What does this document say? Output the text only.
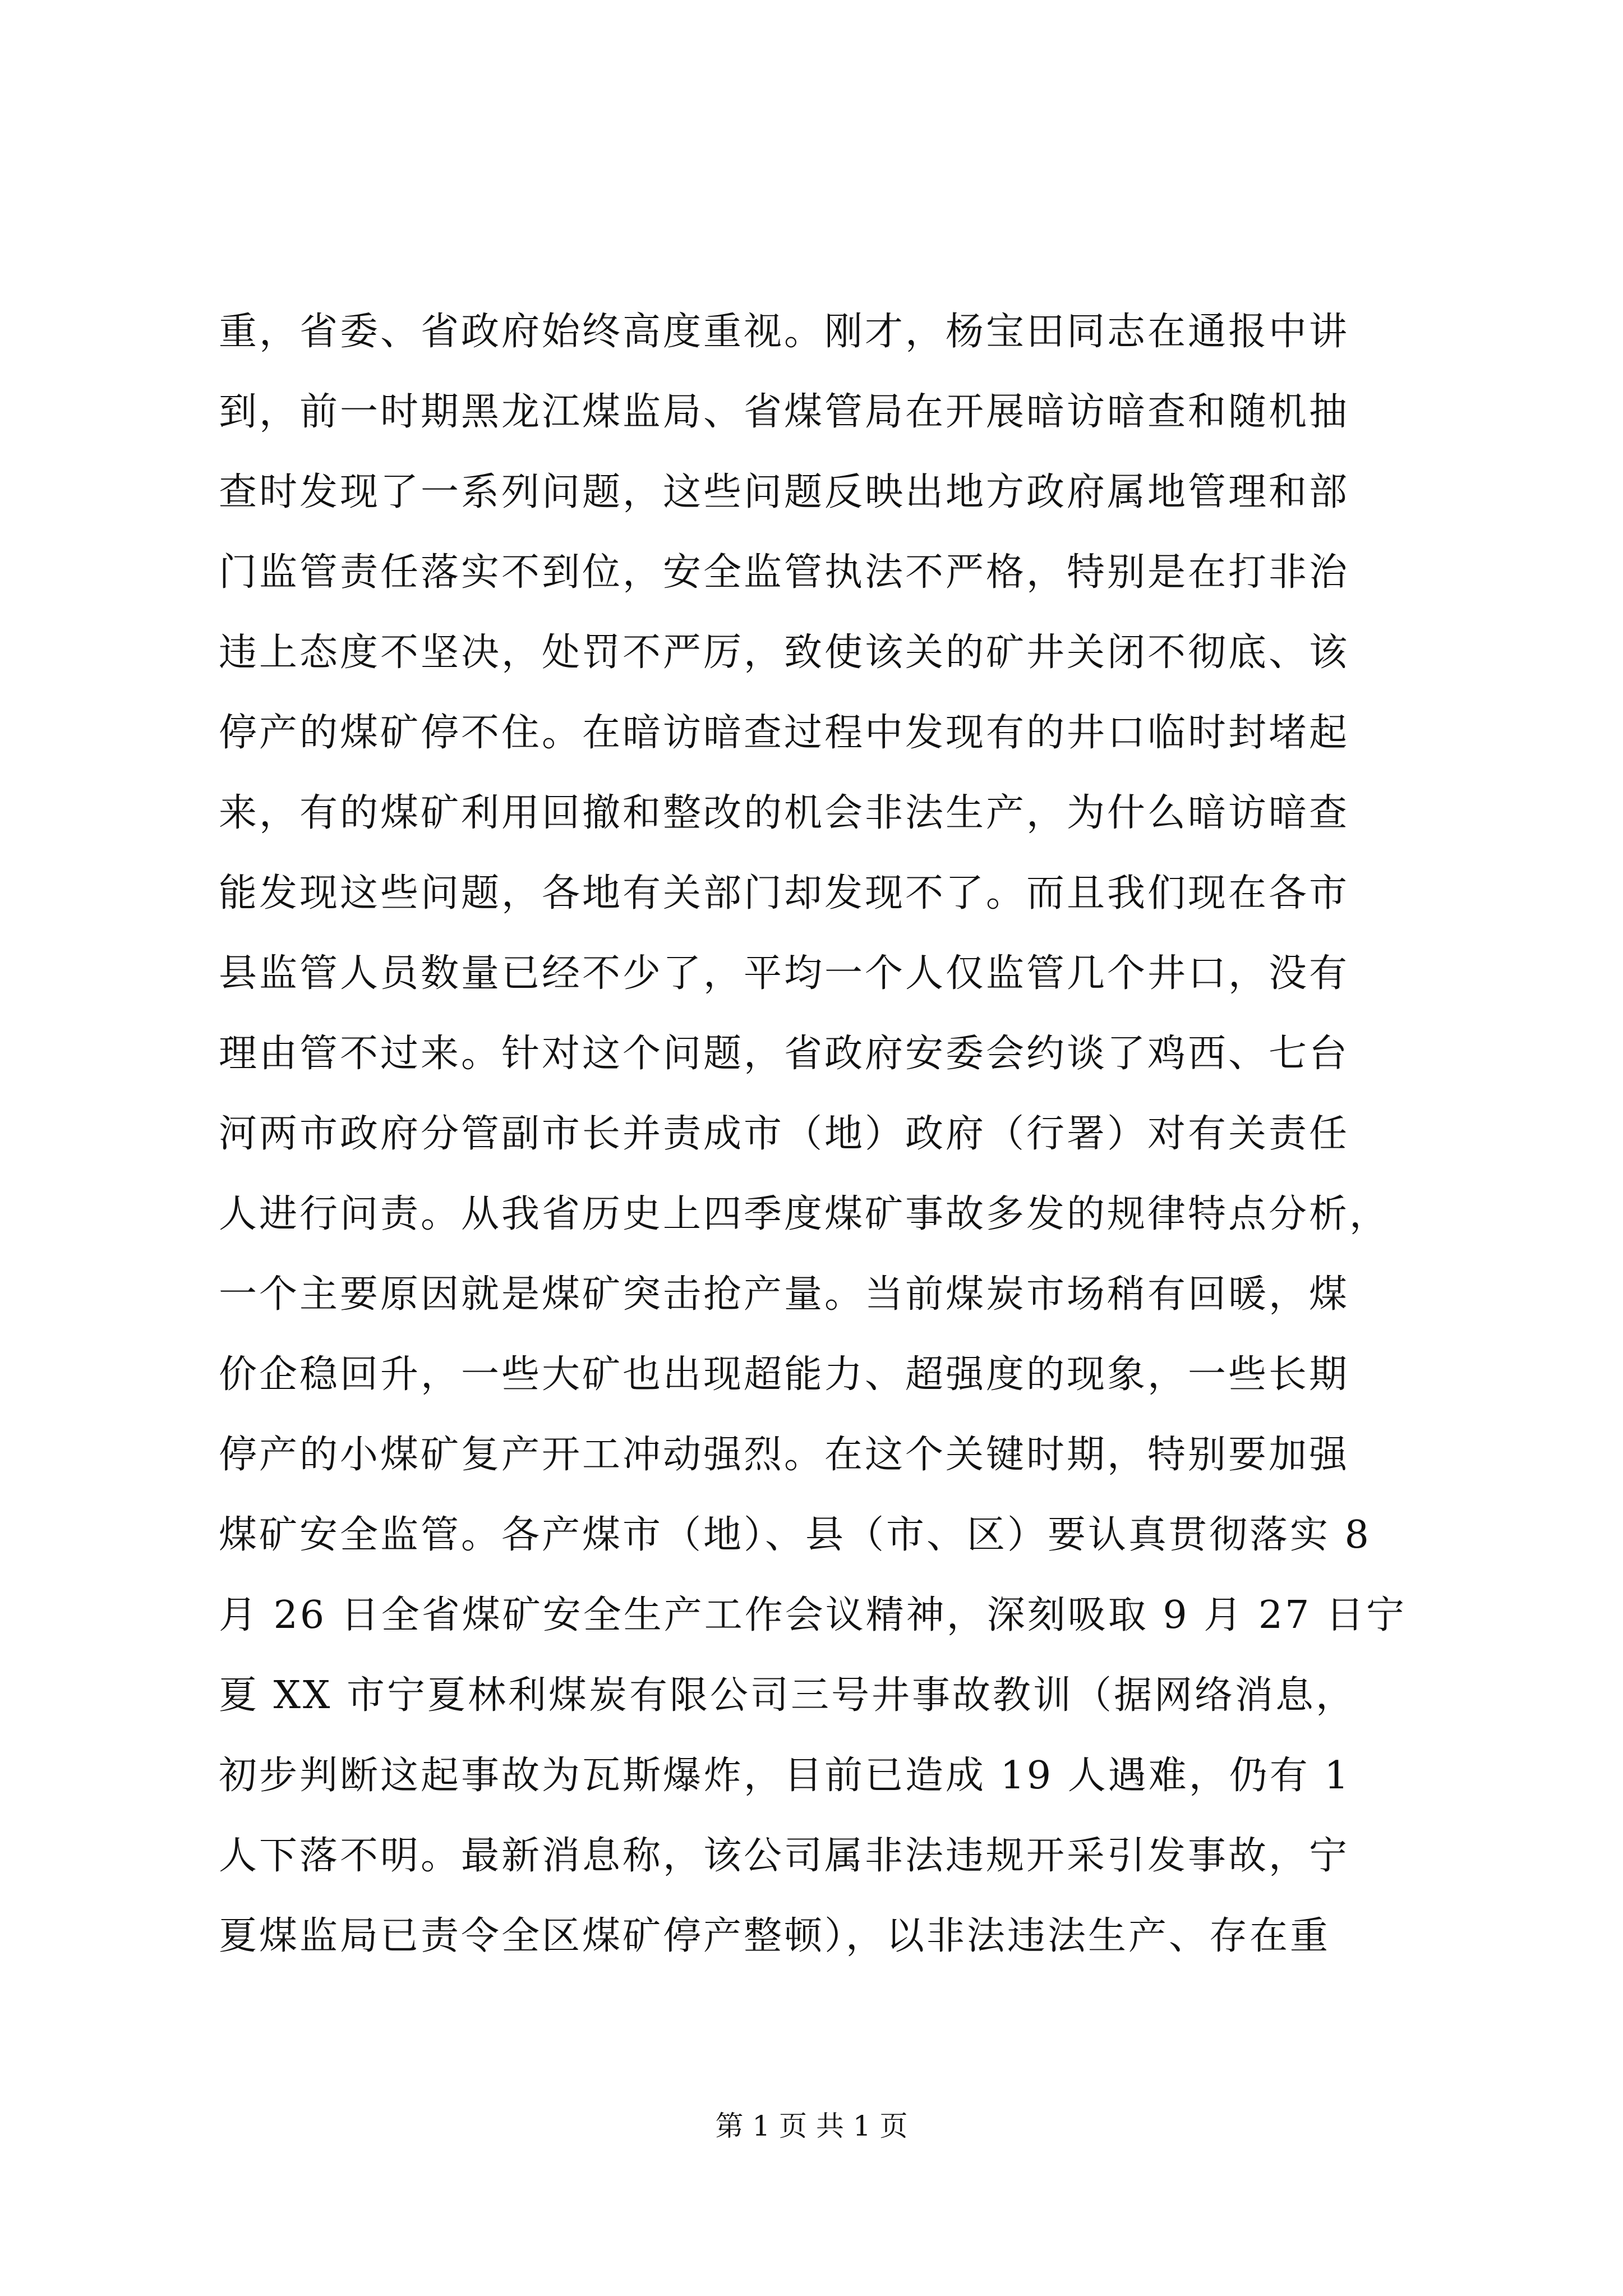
重，省委、省政府始终高度重视。刚才，杨宝田同志在通报中讲
到，前一时期黑龙江煤监局、省煤管局在开展暗访暗查和随机抽
查时发现了一系列问题，这些问题反映出地方政府属地管理和部
门监管责任落实不到位，安全监管执法不严格，特别是在打非治
违上态度不坚决，处罚不严厉，致使该关的矿井关闭不彻底、该
停产的煤矿停不住。在暗访暗查过程中发现有的井口临时封堵起
来，有的煤矿利用回撤和整改的机会非法生产，为什么暗访暗查
能发现这些问题，各地有关部门却发现不了。而且我们现在各市
县监管人员数量已经不少了，平均一个人仅监管几个井口，没有
理由管不过来。针对这个问题，省政府安委会约谈了鸡西、七台
河两市政府分管副市长并责成市（地）政府（行署）对有关责任
人进行问责。从我省历史上四季度煤矿事故多发的规律特点分析，
一个主要原因就是煤矿突击抢产量。当前煤炭市场稍有回暖，煤
价企稳回升，一些大矿也出现超能力、超强度的现象，一些长期
停产的小煤矿复产开工冲动强烈。在这个关键时期，特别要加强
煤矿安全监管。各产煤市（地）、县（市、区）要认真贯彻落实 8
月 26 日全省煤矿安全生产工作会议精神，深刻吸取 9 月 27 日宁
夏 XX 市宁夏林利煤炭有限公司三号井事故教训（据网络消息，
初步判断这起事故为瓦斯爆炸，目前已造成 19 人遇难，仍有 1
人下落不明。最新消息称，该公司属非法违规开采引发事故，宁
夏煤监局已责令全区煤矿停产整顿），以非法违法生产、存在重
第 1 页 共 1 页
